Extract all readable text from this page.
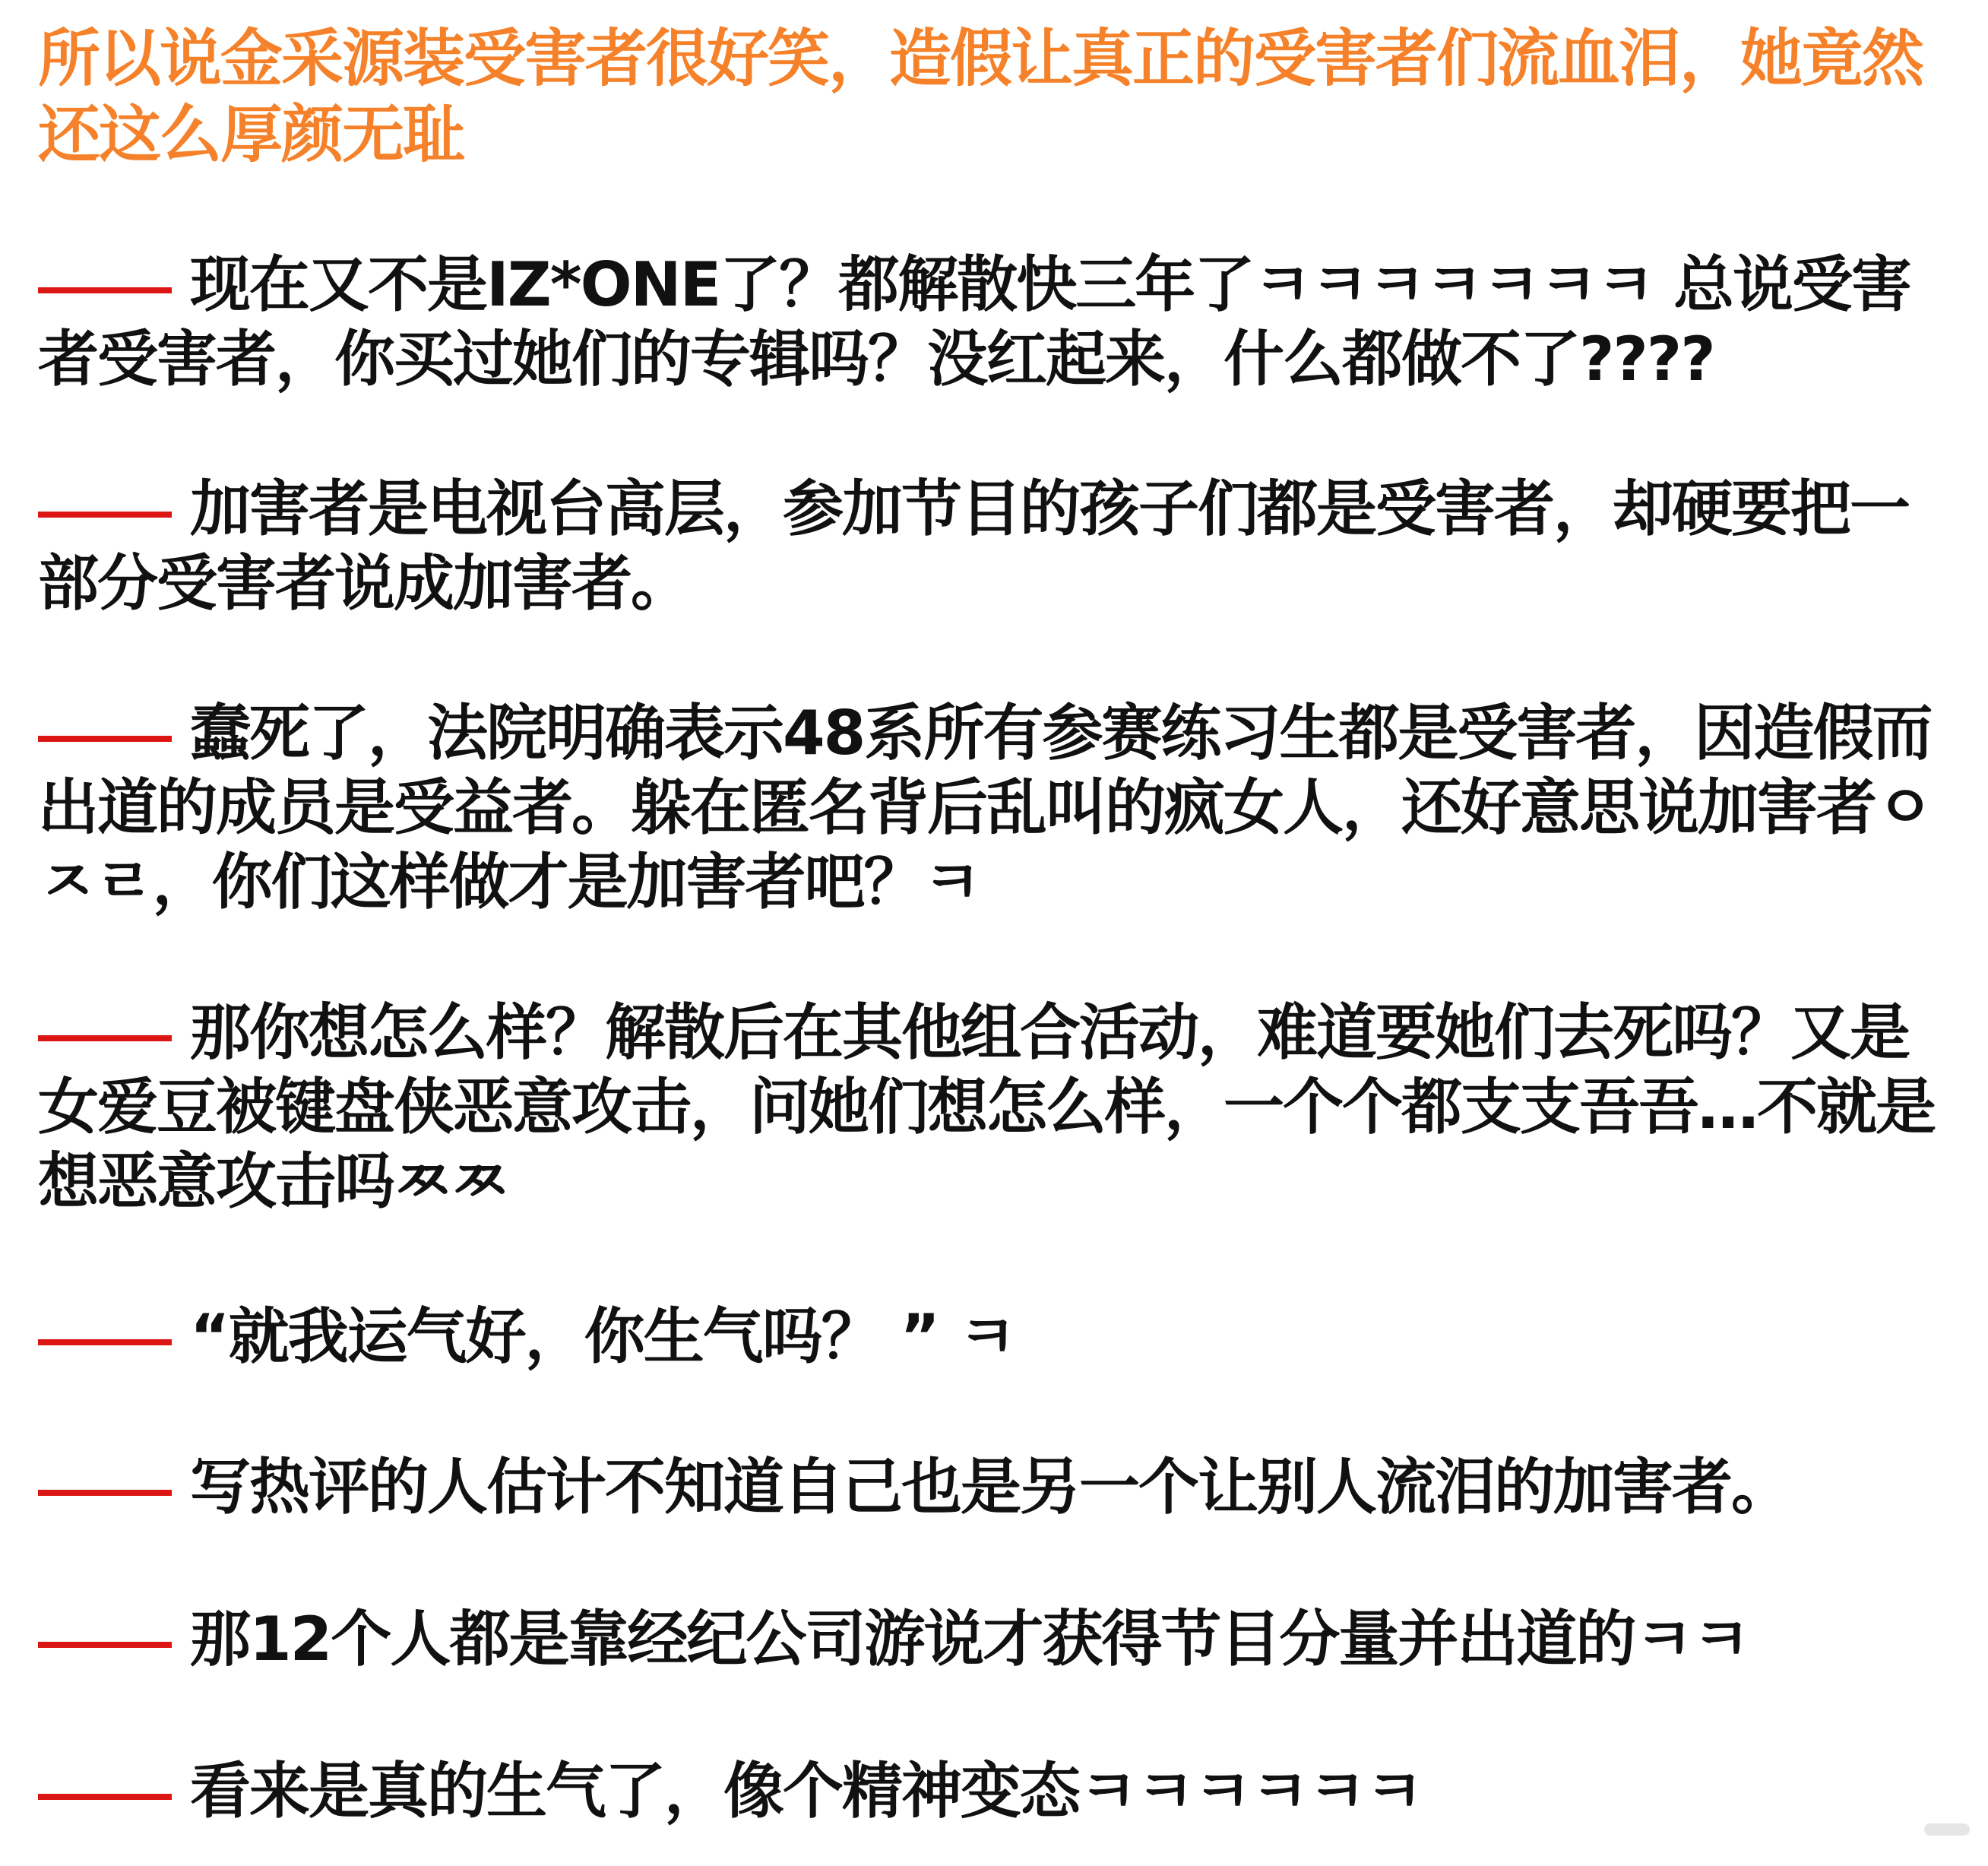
所以说金采源装受害者很好笑，造假让真正的受害者们流血泪，她竟然还这么厚颜无耻
现在又不是IZ*ONE了？都解散快三年了ㅋㅋㅋㅋㅋㅋㅋ 总说受害者受害者，你买过她们的专辑吗？没红起来，什么都做不了????
加害者是电视台高层，参加节目的孩子们都是受害者，却硬要把一部分受害者说成加害者。
蠢死了，法院明确表示48系所有参赛练习生都是受害者，因造假而出道的成员是受益者。躲在匿名背后乱叫的疯女人，还好意思说加害者ㅇㅈㄹ，你们这样做才是加害者吧？ㅋ
那你想怎么样？解散后在其他组合活动，难道要她们去死吗？又是女爱豆被键盘侠恶意攻击，问她们想怎么样，一个个都支支吾吾…不就是想恶意攻击吗ㅉㅉ
“就我运气好，你生气吗？ ” ㅋ
写热评的人估计不知道自己也是另一个让别人流泪的加害者。
那12个人都是靠经纪公司游说才获得节目分量并出道的ㅋㅋ
看来是真的生气了，像个精神变态ㅋㅋㅋㅋㅋㅋ
